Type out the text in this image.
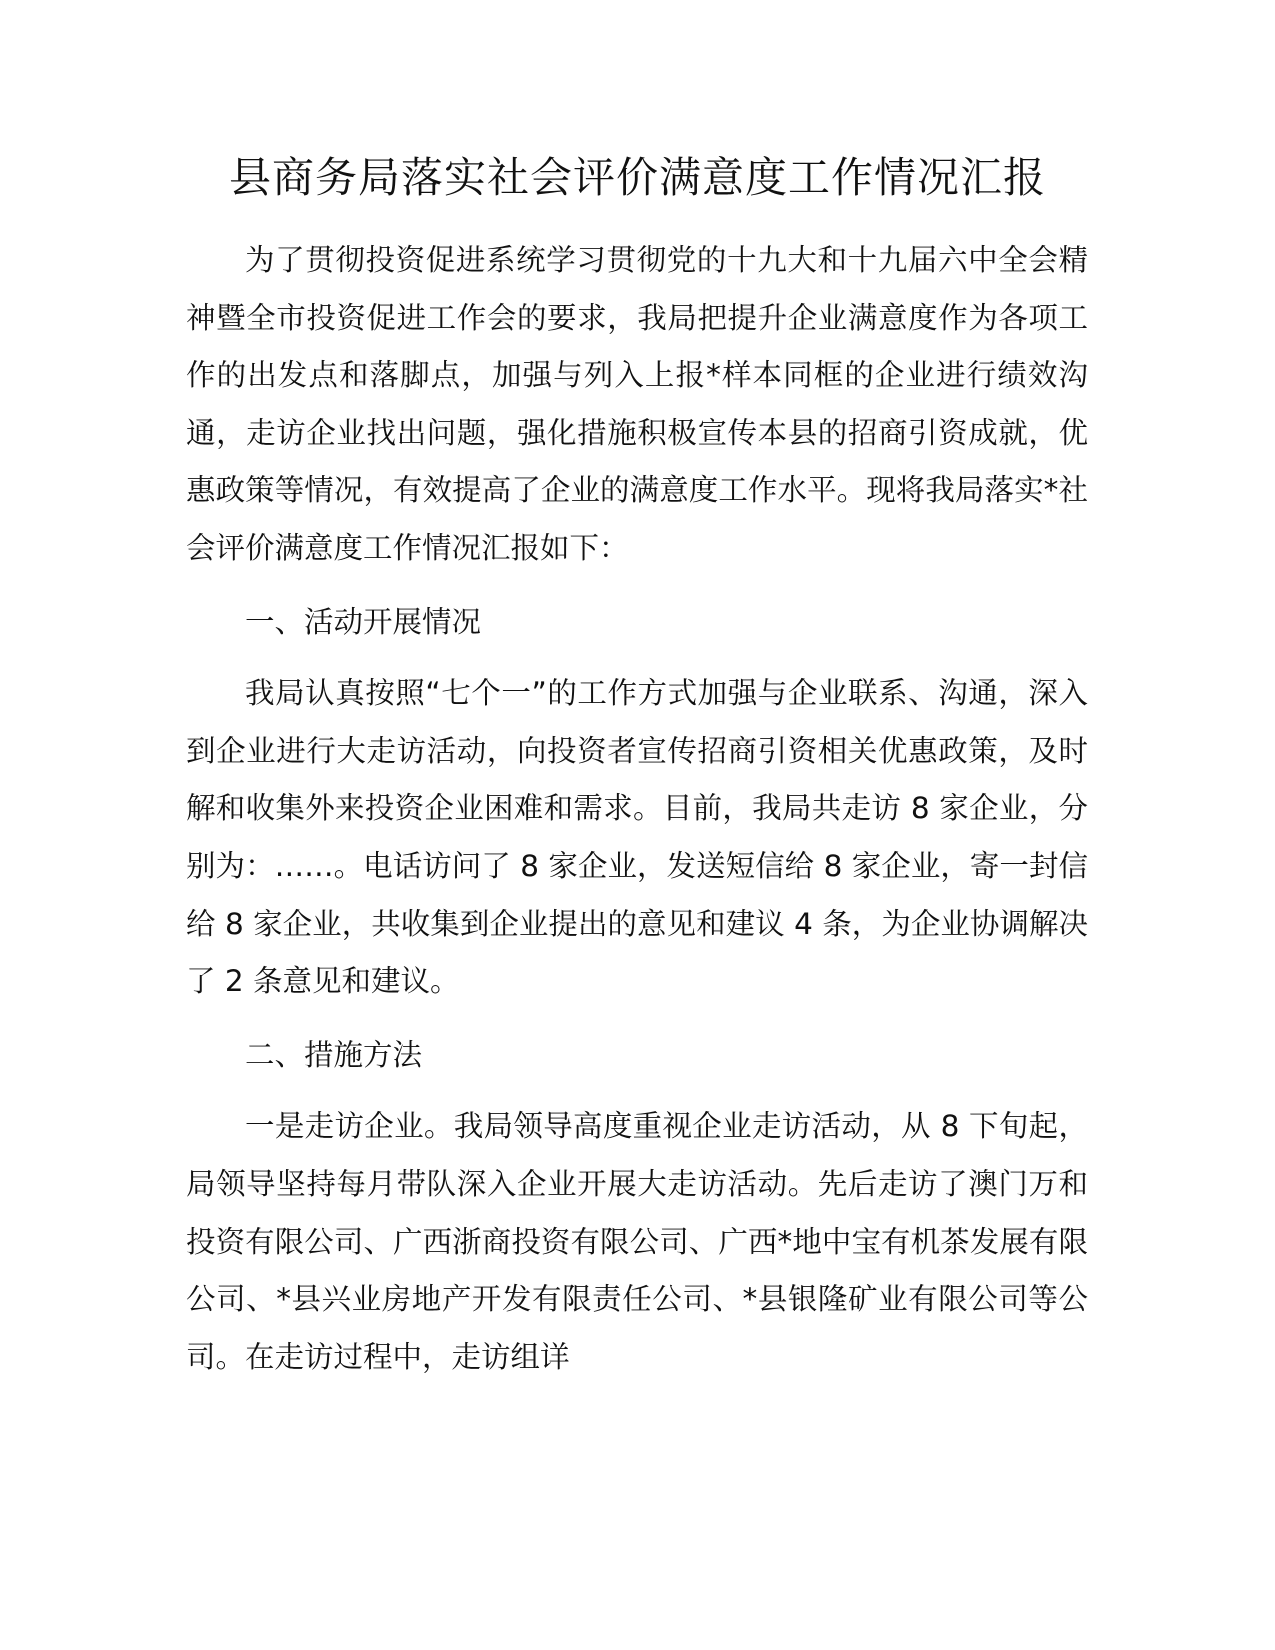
县商务局落实社会评价满意度工作情况汇报

为了贯彻投资促进系统学习贯彻党的十九大和十九届六中全会精神暨全市投资促进工作会的要求，我局把提升企业满意度作为各项工作的出发点和落脚点，加强与列入上报*样本同框的企业进行绩效沟通，走访企业找出问题，强化措施积极宣传本县的招商引资成就，优惠政策等情况，有效提高了企业的满意度工作水平。现将我局落实*社会评价满意度工作情况汇报如下：

一、活动开展情况

我局认真按照“七个一”的工作方式加强与企业联系、沟通，深入到企业进行大走访活动，向投资者宣传招商引资相关优惠政策，及时解和收集外来投资企业困难和需求。目前，我局共走访 8 家企业，分别为：……。电话访问了 8 家企业，发送短信给 8 家企业，寄一封信给 8 家企业，共收集到企业提出的意见和建议 4 条，为企业协调解决了 2 条意见和建议。

二、措施方法

一是走访企业。我局领导高度重视企业走访活动，从 8 下旬起，局领导坚持每月带队深入企业开展大走访活动。先后走访了澳门万和投资有限公司、广西浙商投资有限公司、广西*地中宝有机茶发展有限公司、*县兴业房地产开发有限责任公司、*县银隆矿业有限公司等公司。在走访过程中，走访组详
